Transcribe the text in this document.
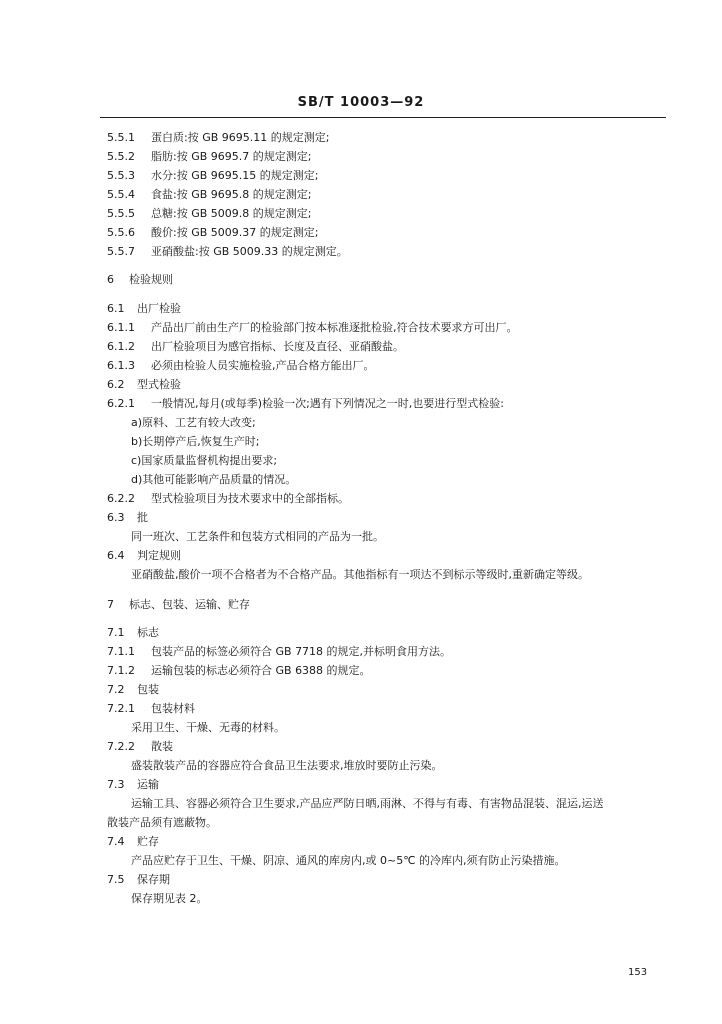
SB/T 10003—92
5.5.1 蛋白质:按 GB 9695.11 的规定测定;
5.5.2 脂肪:按 GB 9695.7 的规定测定;
5.5.3 水分:按 GB 9695.15 的规定测定;
5.5.4 食盐:按 GB 9695.8 的规定测定;
5.5.5 总糖:按 GB 5009.8 的规定测定;
5.5.6 酸价:按 GB 5009.37 的规定测定;
5.5.7 亚硝酸盐:按 GB 5009.33 的规定测定。
6 检验规则
6.1 出厂检验
6.1.1 产品出厂前由生产厂的检验部门按本标准逐批检验,符合技术要求方可出厂。
6.1.2 出厂检验项目为感官指标、长度及直径、亚硝酸盐。
6.1.3 必须由检验人员实施检验,产品合格方能出厂。
6.2 型式检验
6.2.1 一般情况,每月(或每季)检验一次;遇有下列情况之一时,也要进行型式检验:
a)原料、工艺有较大改变;
b)长期停产后,恢复生产时;
c)国家质量监督机构提出要求;
d)其他可能影响产品质量的情况。
6.2.2 型式检验项目为技术要求中的全部指标。
6.3 批
同一班次、工艺条件和包装方式相同的产品为一批。
6.4 判定规则
亚硝酸盐,酸价一项不合格者为不合格产品。其他指标有一项达不到标示等级时,重新确定等级。
7 标志、包装、运输、贮存
7.1 标志
7.1.1 包装产品的标签必须符合 GB 7718 的规定,并标明食用方法。
7.1.2 运输包装的标志必须符合 GB 6388 的规定。
7.2 包装
7.2.1 包装材料
采用卫生、干燥、无毒的材料。
7.2.2 散装
盛装散装产品的容器应符合食品卫生法要求,堆放时要防止污染。
7.3 运输
运输工具、容器必须符合卫生要求,产品应严防日晒,雨淋、不得与有毒、有害物品混装、混运,运送
散装产品须有遮蔽物。
7.4 贮存
产品应贮存于卫生、干燥、阴凉、通风的库房内,或 0~5℃ 的冷库内,须有防止污染措施。
7.5 保存期
保存期见表 2。
153
